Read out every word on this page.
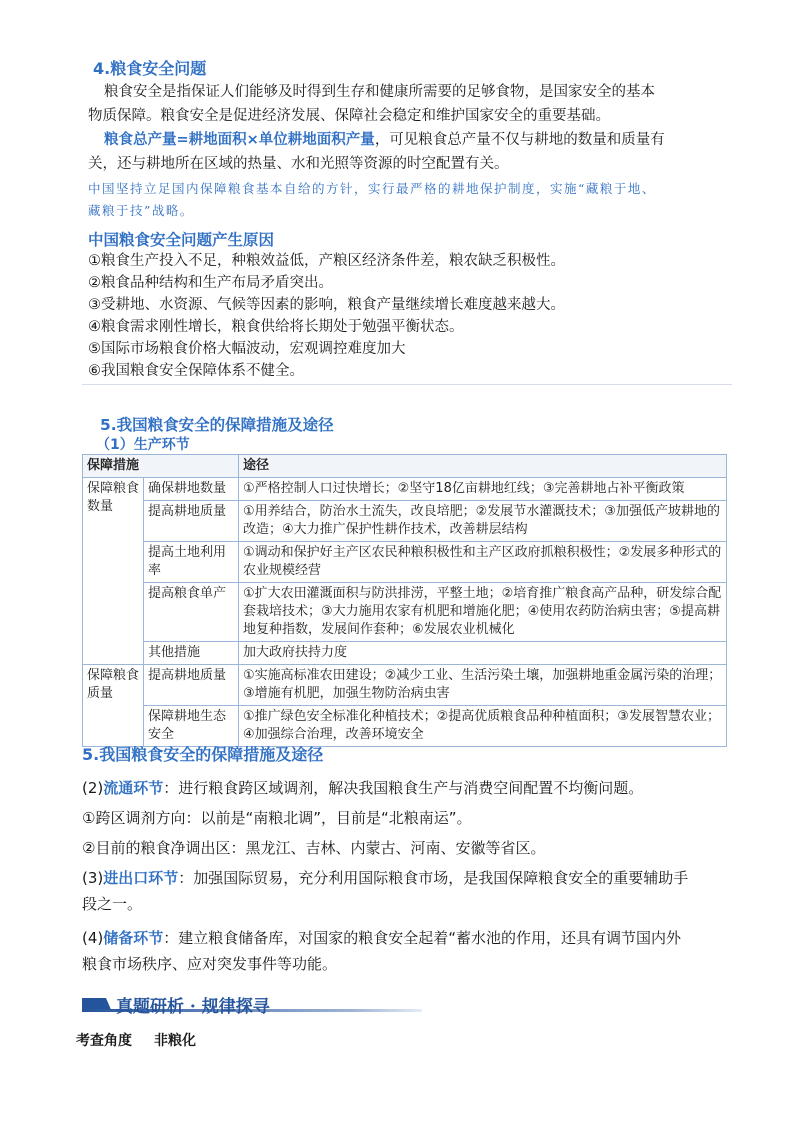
4.粮食安全问题
粮食安全是指保证人们能够及时得到生存和健康所需要的足够食物，是国家安全的基本
物质保障。粮食安全是促进经济发展、保障社会稳定和维护国家安全的重要基础。
粮食总产量=耕地面积×单位耕地面积产量，可见粮食总产量不仅与耕地的数量和质量有
关，还与耕地所在区域的热量、水和光照等资源的时空配置有关。
中国坚持立足国内保障粮食基本自给的方针，实行最严格的耕地保护制度，实施“藏粮于地、
藏粮于技”战略。
中国粮食安全问题产生原因
①粮食生产投入不足，种粮效益低，产粮区经济条件差，粮农缺乏积极性。
②粮食品种结构和生产布局矛盾突出。
③受耕地、水资源、气候等因素的影响，粮食产量继续增长难度越来越大。
④粮食需求刚性增长，粮食供给将长期处于勉强平衡状态。
⑤国际市场粮食价格大幅波动，宏观调控难度加大
⑥我国粮食安全保障体系不健全。
5.我国粮食安全的保障措施及途径
（1）生产环节
保障措施		途径
保障粮食数量	确保耕地数量	①严格控制人口过快增长；②坚守18亿亩耕地红线；③完善耕地占补平衡政策
	提高耕地质量	①用养结合，防治水土流失，改良培肥；②发展节水灌溉技术；③加强低产坡耕地的改造；④大力推广保护性耕作技术，改善耕层结构
	提高土地利用率	①调动和保护好主产区农民种粮积极性和主产区政府抓粮积极性；②发展多种形式的农业规模经营
	提高粮食单产	①扩大农田灌溉面积与防洪排涝，平整土地；②培育推广粮食高产品种，研发综合配套栽培技术；③大力施用农家有机肥和增施化肥；④使用农药防治病虫害；⑤提高耕地复种指数，发展间作套种；⑥发展农业机械化
	其他措施	加大政府扶持力度
保障粮食质量	提高耕地质量	①实施高标准农田建设；②减少工业、生活污染土壤，加强耕地重金属污染的治理；③增施有机肥，加强生物防治病虫害
	保障耕地生态安全	①推广绿色安全标准化种植技术；②提高优质粮食品种种植面积；③发展智慧农业；④加强综合治理，改善环境安全
5.我国粮食安全的保障措施及途径
(2)流通环节：进行粮食跨区域调剂，解决我国粮食生产与消费空间配置不均衡问题。
①跨区调剂方向：以前是“南粮北调”，目前是“北粮南运”。
②目前的粮食净调出区：黑龙江、吉林、内蒙古、河南、安徽等省区。
(3)进出口环节：加强国际贸易，充分利用国际粮食市场，是我国保障粮食安全的重要辅助手
段之一。
(4)储备环节：建立粮食储备库，对国家的粮食安全起着“蓄水池的作用，还具有调节国内外
粮食市场秩序、应对突发事件等功能。
真题研析 · 规律探寻
考查角度 非粮化
